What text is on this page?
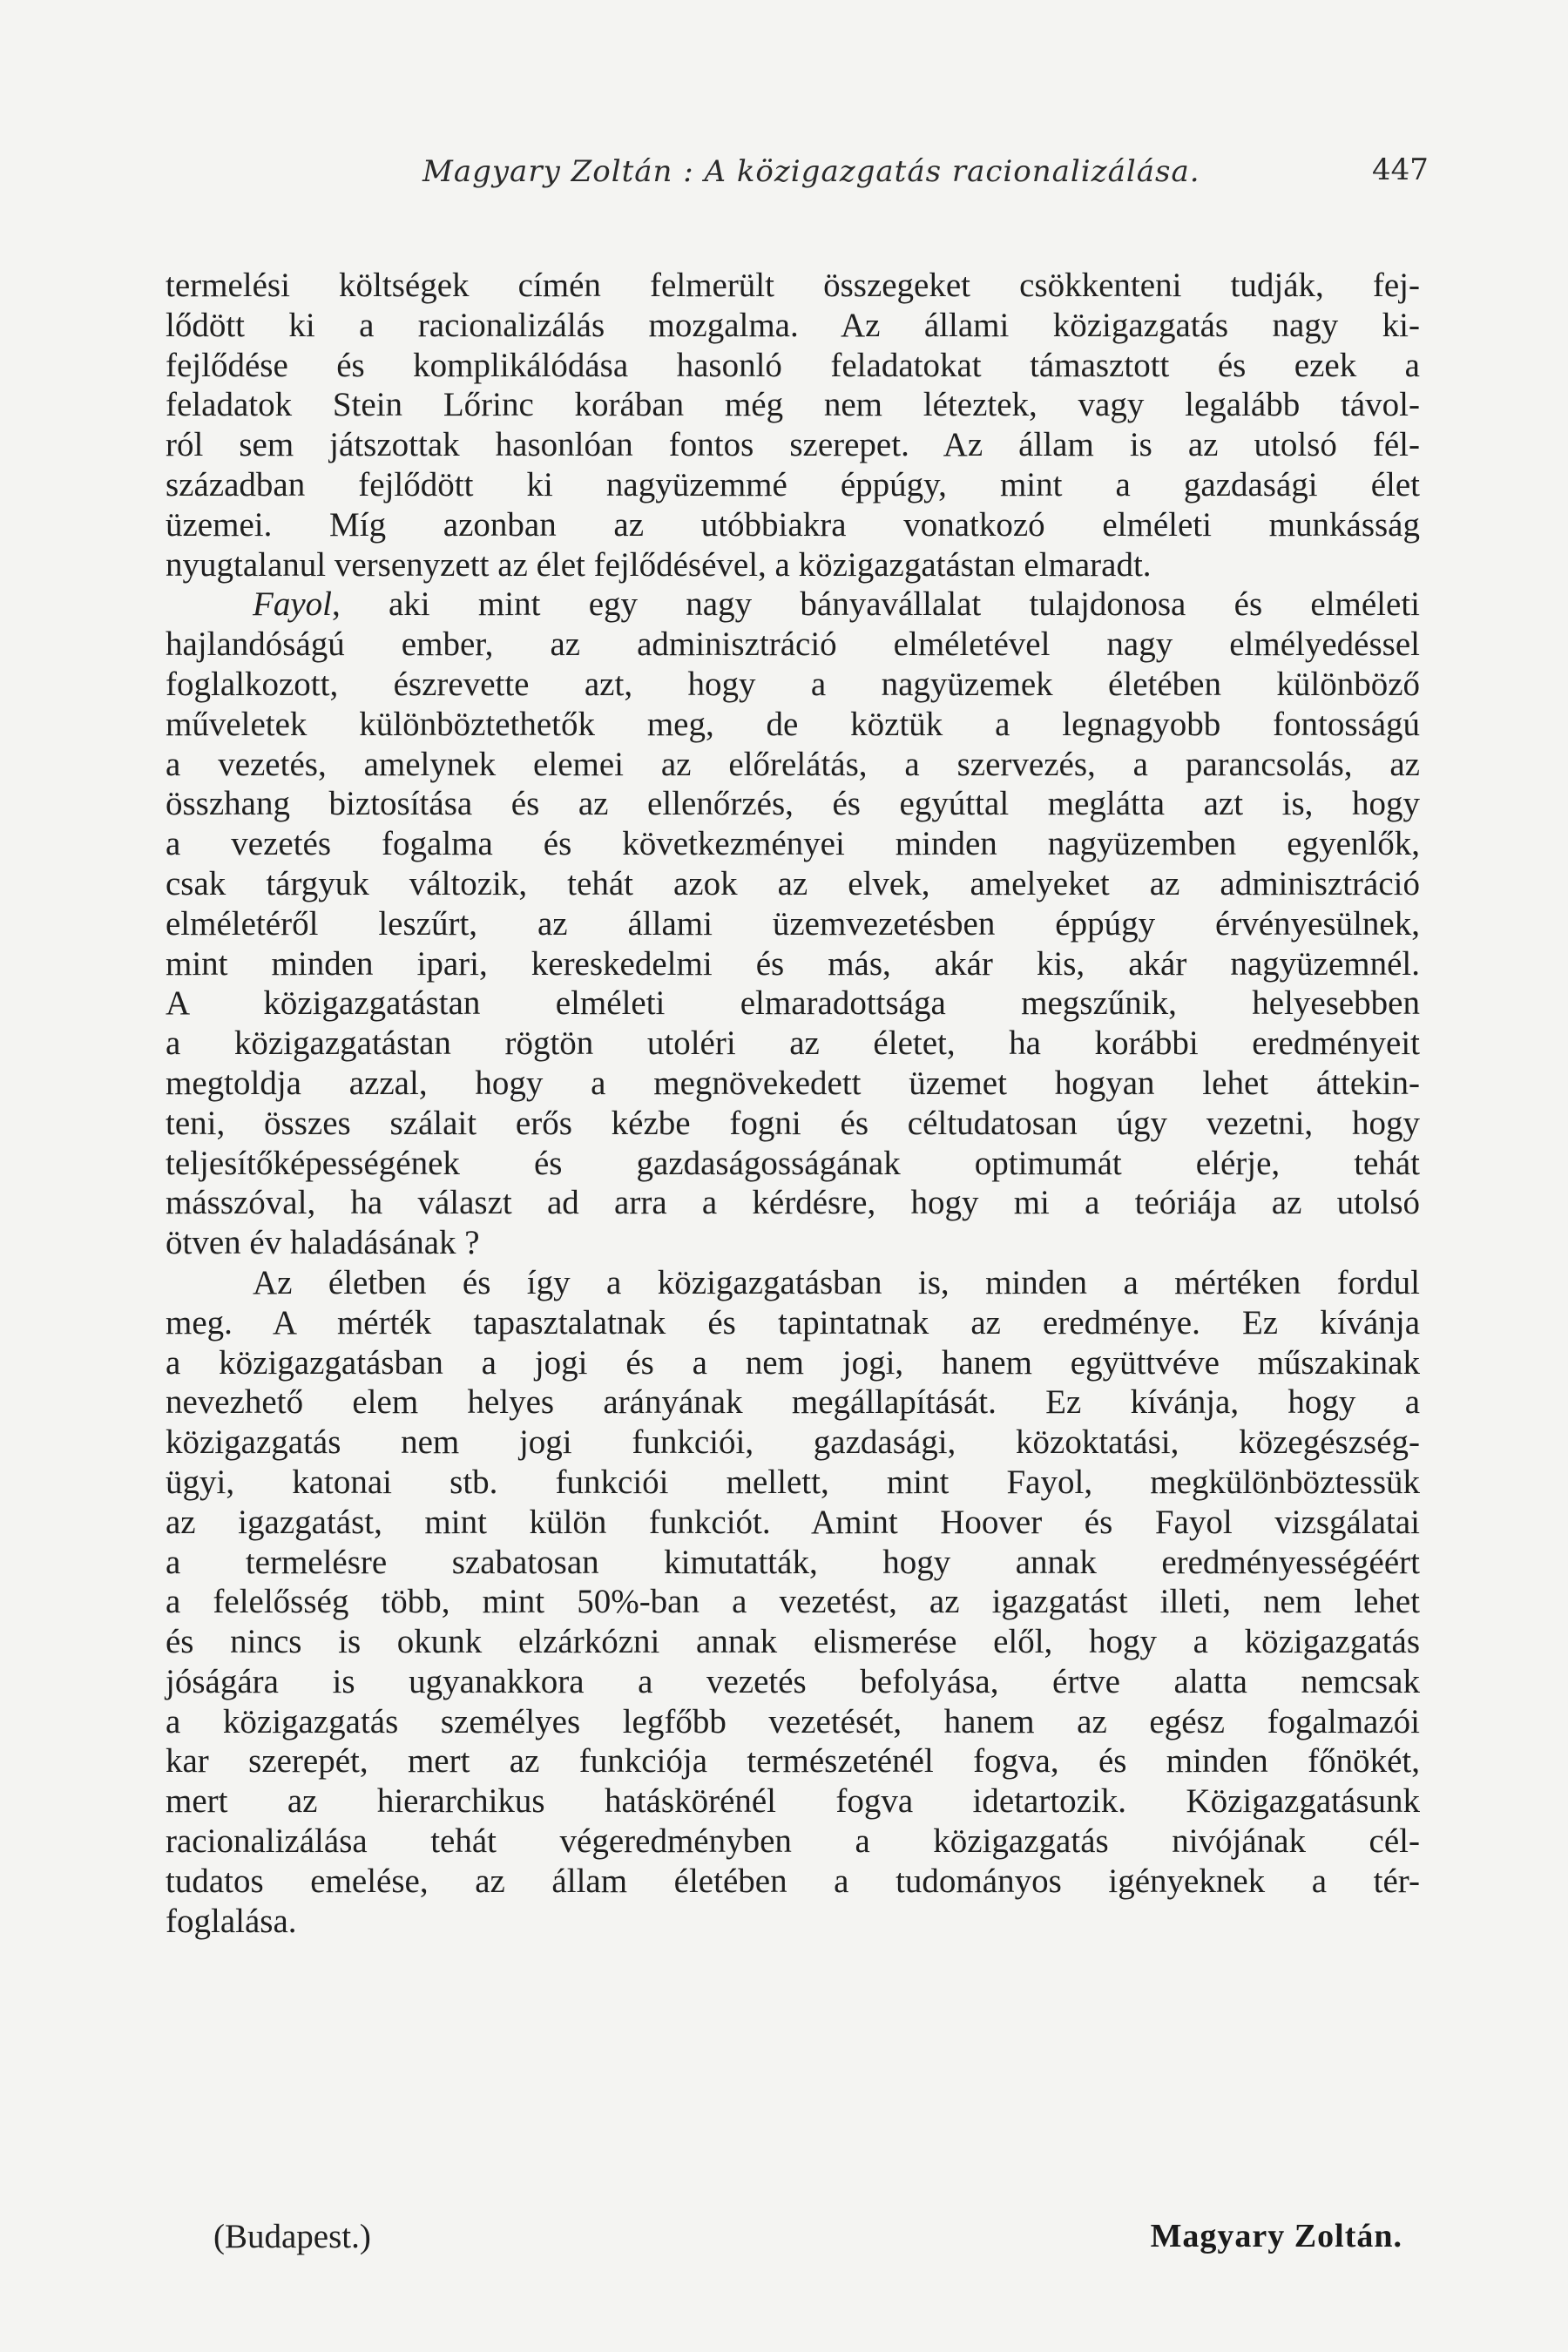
Magyary Zoltán : A közigazgatás racionalizálása.	447
termelési költségek címén felmerült összegeket csökkenteni tudják, fej-
lődött ki a racionalizálás mozgalma. Az állami közigazgatás nagy ki-
fejlődése és komplikálódása hasonló feladatokat támasztott és ezek a
feladatok Stein Lőrinc korában még nem léteztek, vagy legalább távol-
ról sem játszottak hasonlóan fontos szerepet. Az állam is az utolsó fél-
században fejlődött ki nagyüzemmé éppúgy, mint a gazdasági élet
üzemei. Míg azonban az utóbbiakra vonatkozó elméleti munkásság
nyugtalanul versenyzett az élet fejlődésével, a közigazgatástan elmaradt.
Fayol, aki mint egy nagy bányavállalat tulajdonosa és elméleti
hajlandóságú ember, az adminisztráció elméletével nagy elmélyedéssel
foglalkozott, észrevette azt, hogy a nagyüzemek életében különböző
műveletek különböztethetők meg, de köztük a legnagyobb fontosságú
a vezetés, amelynek elemei az előrelátás, a szervezés, a parancsolás, az
összhang biztosítása és az ellenőrzés, és egyúttal meglátta azt is, hogy
a vezetés fogalma és következményei minden nagyüzemben egyenlők,
csak tárgyuk változik, tehát azok az elvek, amelyeket az adminisztráció
elméletéről leszűrt, az állami üzemvezetésben éppúgy érvényesülnek,
mint minden ipari, kereskedelmi és más, akár kis, akár nagyüzemnél.
A közigazgatástan elméleti elmaradottsága megszűnik, helyesebben
a közigazgatástan rögtön utoléri az életet, ha korábbi eredményeit
megtoldja azzal, hogy a megnövekedett üzemet hogyan lehet áttekin-
teni, összes szálait erős kézbe fogni és céltudatosan úgy vezetni, hogy
teljesítőképességének és gazdaságosságának optimumát elérje, tehát
másszóval, ha választ ad arra a kérdésre, hogy mi a teóriája az utolsó
ötven év haladásának ?
Az életben és így a közigazgatásban is, minden a mértéken fordul
meg. A mérték tapasztalatnak és tapintatnak az eredménye. Ez kívánja
a közigazgatásban a jogi és a nem jogi, hanem együttvéve műszakinak
nevezhető elem helyes arányának megállapítását. Ez kívánja, hogy a
közigazgatás nem jogi funkciói, gazdasági, közoktatási, közegészség-
ügyi, katonai stb. funkciói mellett, mint Fayol, megkülönböztessük
az igazgatást, mint külön funkciót. Amint Hoover és Fayol vizsgálatai
a termelésre szabatosan kimutatták, hogy annak eredményességéért
a felelősség több, mint 50%-ban a vezetést, az igazgatást illeti, nem lehet
és nincs is okunk elzárkózni annak elismerése elől, hogy a közigazgatás
jóságára is ugyanakkora a vezetés befolyása, értve alatta nemcsak
a közigazgatás személyes legfőbb vezetését, hanem az egész fogalmazói
kar szerepét, mert az funkciója természeténél fogva, és minden főnökét,
mert az hierarchikus hatáskörénél fogva idetartozik. Közigazgatásunk
racionalizálása tehát végeredményben a közigazgatás nivójának cél-
tudatos emelése, az állam életében a tudományos igényeknek a tér-
foglalása.
(Budapest.)	Magyary Zoltán.
